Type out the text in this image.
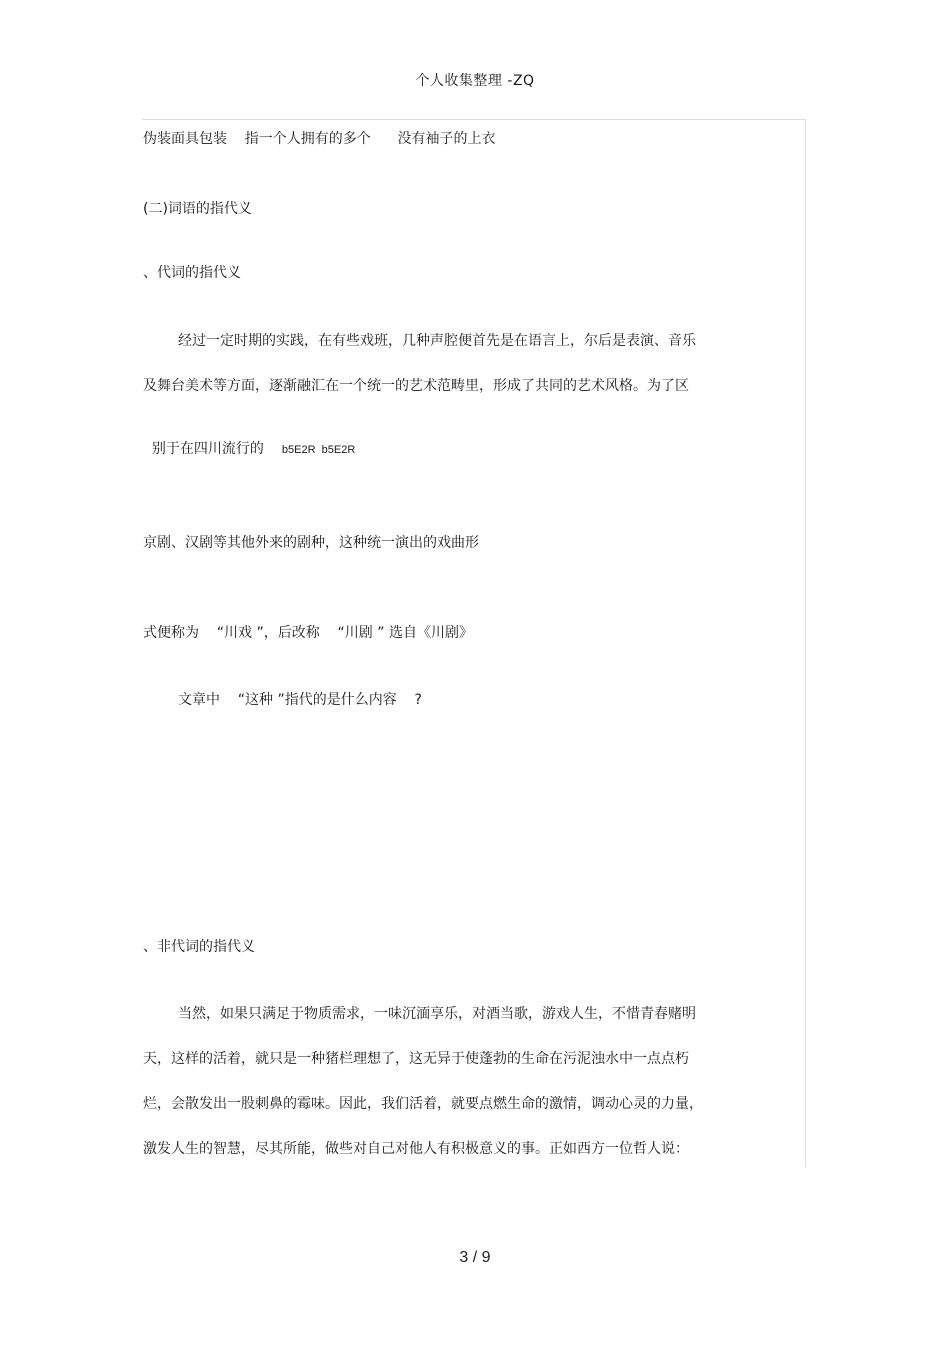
个人收集整理 -ZQ
伪装面具包装    指一个人拥有的多个      没有袖子的上衣
(二)词语的指代义
、代词的指代义
经过一定时期的实践，在有些戏班，几种声腔便首先是在语言上，尔后是表演、音乐
及舞台美术等方面，逐渐融汇在一个统一的艺术范畴里，形成了共同的艺术风格。为了区

别于在四川流行的 b5E2R  b5E2R

京剧、汉剧等其他外来的剧种，这种统一演出的戏曲形
式便称为    “川戏 ”，后改称    “川剧 ” 选自《川剧》
文章中    “这种 ”指代的是什么内容    ?
、非代词的指代义
当然，如果只满足于物质需求，一味沉湎享乐，对酒当歌，游戏人生，不惜青春赌明
天，这样的活着，就只是一种猪栏理想了，这无异于使蓬勃的生命在污泥浊水中一点点朽
烂，会散发出一股刺鼻的霉味。因此，我们活着，就要点燃生命的激情，调动心灵的力量，
激发人生的智慧，尽其所能，做些对自己对他人有积极意义的事。正如西方一位哲人说：
3 / 9
